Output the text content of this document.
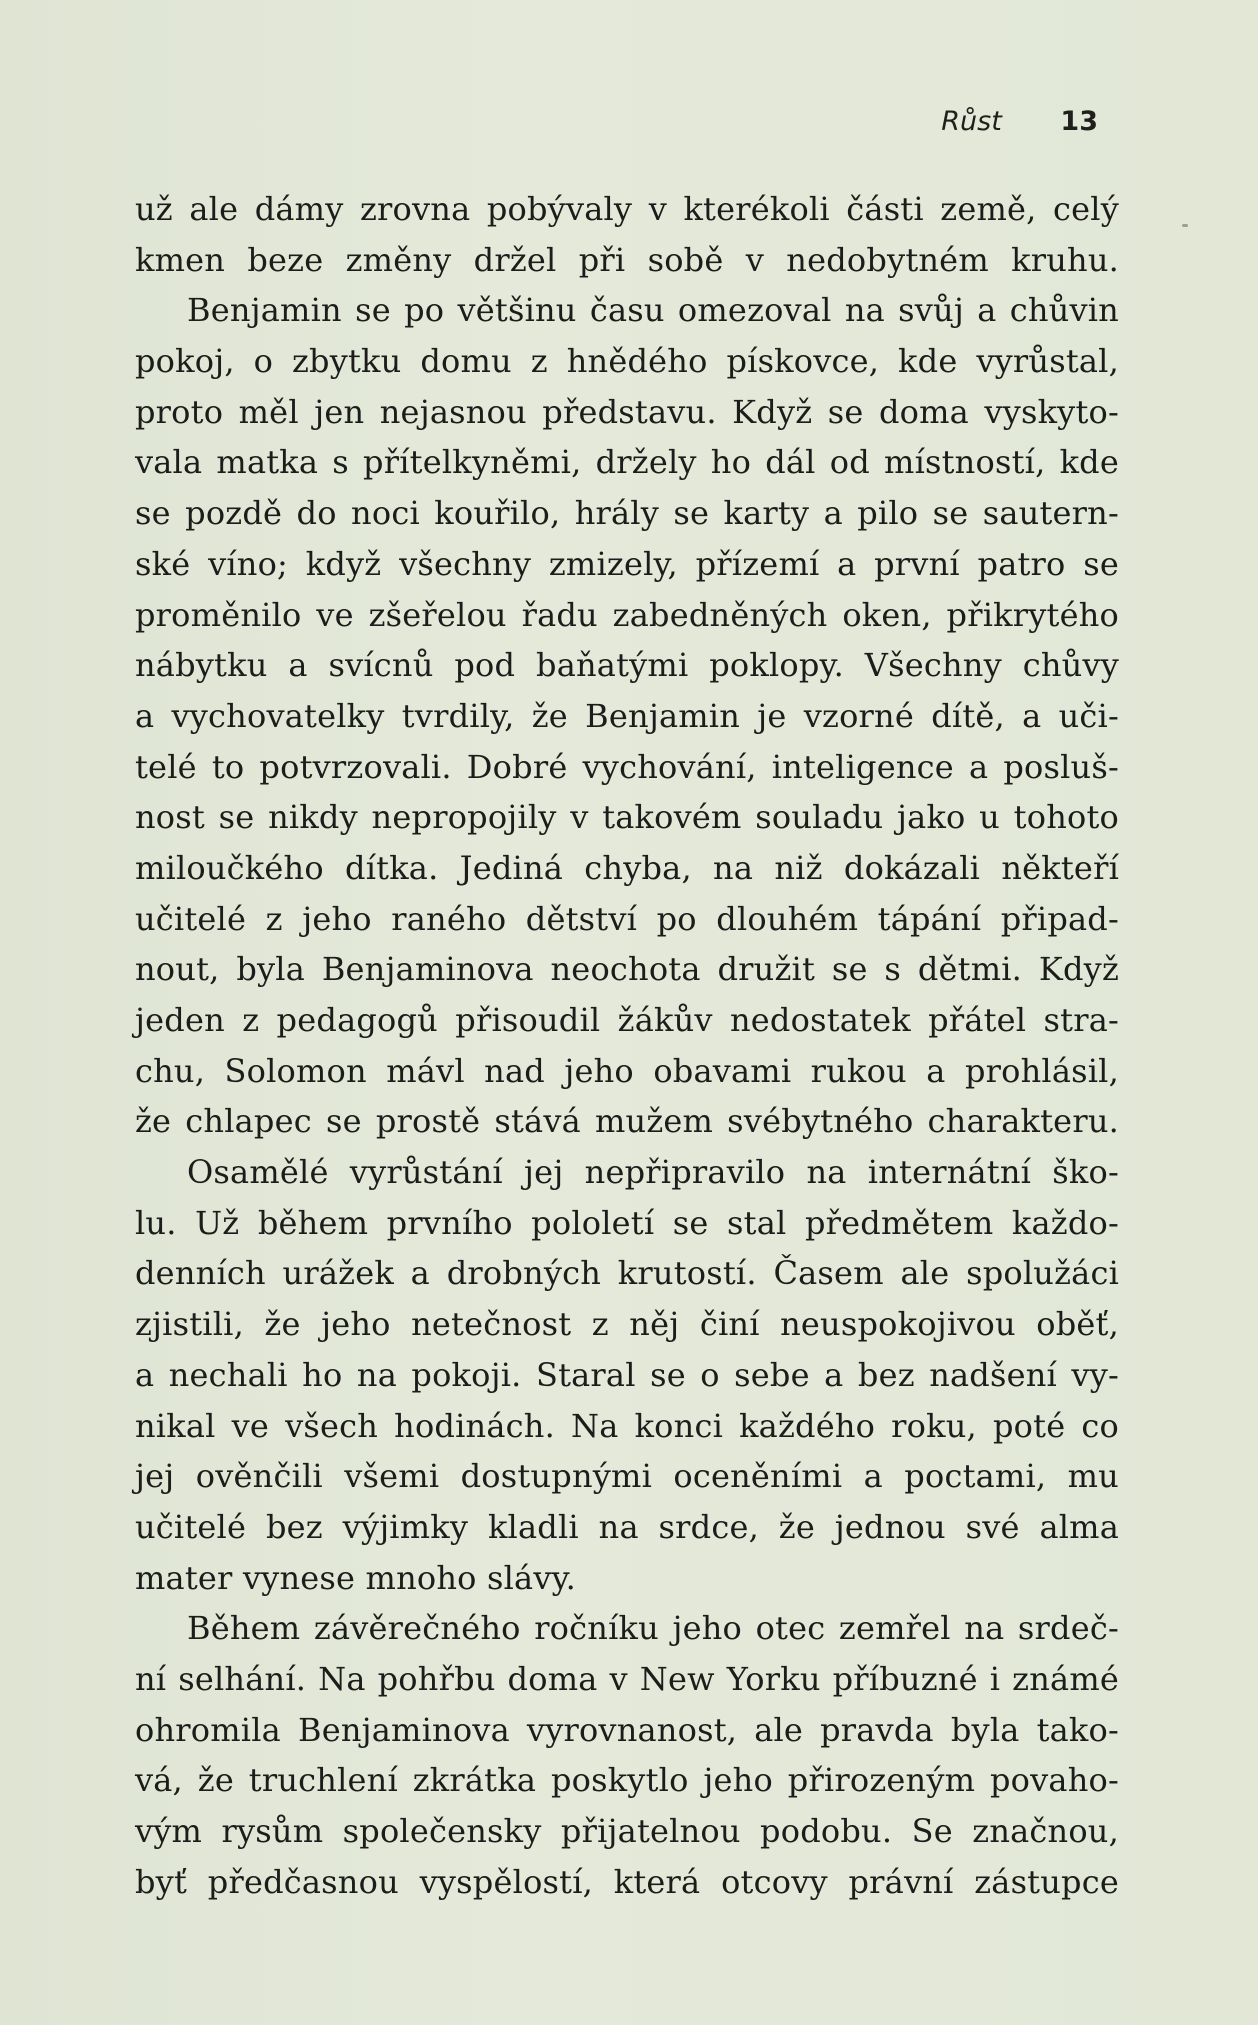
Růst 13
už ale dámy zrovna pobývaly v kterékoli části země, celý
kmen beze změny držel při sobě v nedobytném kruhu.
Benjamin se po většinu času omezoval na svůj a chůvin
pokoj, o zbytku domu z hnědého pískovce, kde vyrůstal,
proto měl jen nejasnou představu. Když se doma vyskyto-
vala matka s přítelkyněmi, držely ho dál od místností, kde
se pozdě do noci kouřilo, hrály se karty a pilo se sautern-
ské víno; když všechny zmizely, přízemí a první patro se
proměnilo ve zšeřelou řadu zabedněných oken, přikrytého
nábytku a svícnů pod baňatými poklopy. Všechny chůvy
a vychovatelky tvrdily, že Benjamin je vzorné dítě, a uči-
telé to potvrzovali. Dobré vychování, inteligence a posluš-
nost se nikdy nepropojily v takovém souladu jako u tohoto
miloučkého dítka. Jediná chyba, na niž dokázali někteří
učitelé z jeho raného dětství po dlouhém tápání připad-
nout, byla Benjaminova neochota družit se s dětmi. Když
jeden z pedagogů přisoudil žákův nedostatek přátel stra-
chu, Solomon mávl nad jeho obavami rukou a prohlásil,
že chlapec se prostě stává mužem svébytného charakteru.
Osamělé vyrůstání jej nepřipravilo na internátní ško-
lu. Už během prvního pololetí se stal předmětem každo-
denních urážek a drobných krutostí. Časem ale spolužáci
zjistili, že jeho netečnost z něj činí neuspokojivou oběť,
a nechali ho na pokoji. Staral se o sebe a bez nadšení vy-
nikal ve všech hodinách. Na konci každého roku, poté co
jej ověnčili všemi dostupnými oceněními a poctami, mu
učitelé bez výjimky kladli na srdce, že jednou své alma
mater vynese mnoho slávy.
Během závěrečného ročníku jeho otec zemřel na srdeč-
ní selhání. Na pohřbu doma v New Yorku příbuzné i známé
ohromila Benjaminova vyrovnanost, ale pravda byla tako-
vá, že truchlení zkrátka poskytlo jeho přirozeným povaho-
vým rysům společensky přijatelnou podobu. Se značnou,
byť předčasnou vyspělostí, která otcovy právní zástupce
